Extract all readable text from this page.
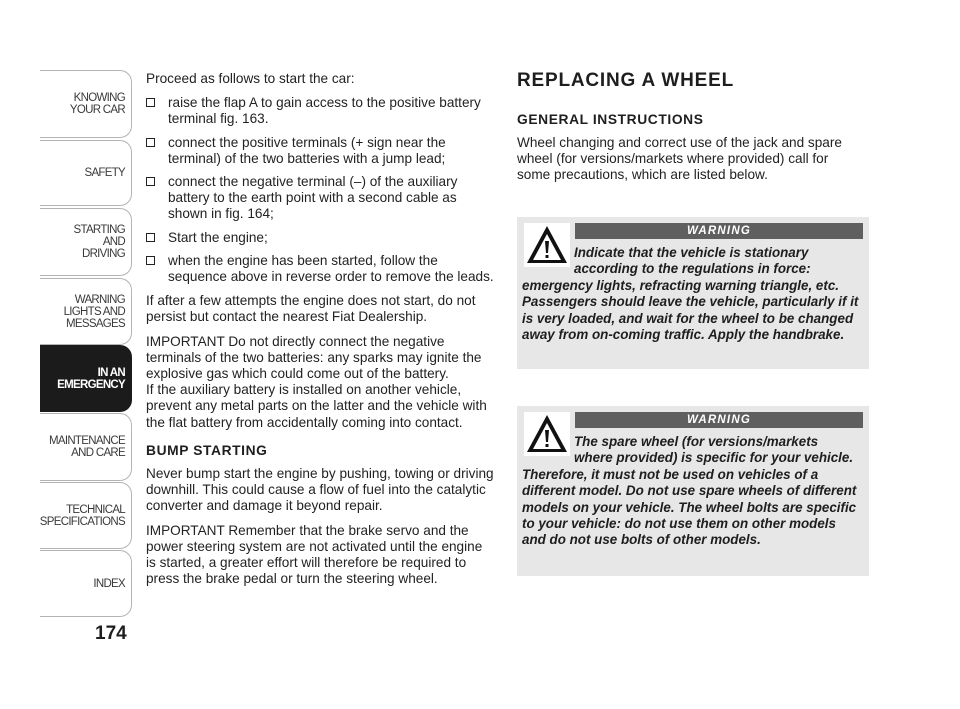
KNOWING
YOUR CAR
SAFETY
STARTING
AND
DRIVING
WARNING
LIGHTS AND
MESSAGES
IN AN
EMERGENCY
MAINTENANCE
AND CARE
TECHNICAL
SPECIFICATIONS
INDEX
174

Proceed as follows to start the car:

raise the flap A to gain access to the positive battery terminal fig. 163.
connect the positive terminals (+ sign near the terminal) of the two batteries with a jump lead;
connect the negative terminal (–) of the auxiliary battery to the earth point with a second cable as shown in fig. 164;
Start the engine;
when the engine has been started, follow the sequence above in reverse order to remove the leads.

If after a few attempts the engine does not start, do not persist but contact the nearest Fiat Dealership.

IMPORTANT Do not directly connect the negative terminals of the two batteries: any sparks may ignite the explosive gas which could come out of the battery.

If the auxiliary battery is installed on another vehicle, prevent any metal parts on the latter and the vehicle with the flat battery from accidentally coming into contact.

BUMP STARTING

Never bump start the engine by pushing, towing or driving downhill. This could cause a flow of fuel into the catalytic converter and damage it beyond repair.

IMPORTANT Remember that the brake servo and the power steering system are not activated until the engine is started, a greater effort will therefore be required to press the brake pedal or turn the steering wheel.

REPLACING A WHEEL
GENERAL INSTRUCTIONS

Wheel changing and correct use of the jack and spare wheel (for versions/markets where provided) call for some precautions, which are listed below.

WARNING

Indicate that the vehicle is stationary according to the regulations in force: emergency lights, refracting warning triangle, etc. Passengers should leave the vehicle, particularly if it is very loaded, and wait for the wheel to be changed away from on-coming traffic. Apply the handbrake.

WARNING

The spare wheel (for versions/markets where provided) is specific for your vehicle. Therefore, it must not be used on vehicles of a different model. Do not use spare wheels of different models on your vehicle. The wheel bolts are specific to your vehicle: do not use them on other models and do not use bolts of other models.
